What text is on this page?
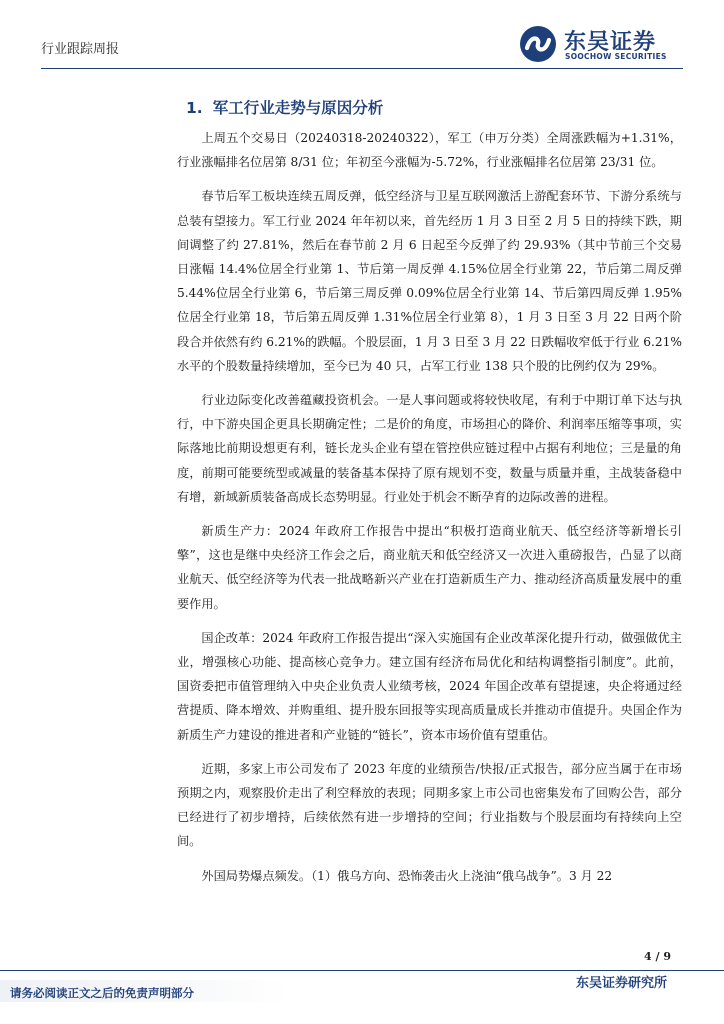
行业跟踪周报	东吴证券
SOOCHOW SECURITIES
1. 军工行业走势与原因分析

上周五个交易日（20240318-20240322），军工（申万分类）全周涨跌幅为+1.31%，行业涨幅排名位居第 8/31 位；年初至今涨幅为-5.72%，行业涨幅排名位居第 23/31 位。

春节后军工板块连续五周反弹，低空经济与卫星互联网激活上游配套环节、下游分系统与总装有望接力。军工行业 2024 年年初以来，首先经历 1 月 3 日至 2 月 5 日的持续下跌，期间调整了约 27.81%，然后在春节前 2 月 6 日起至今反弹了约 29.93%（其中节前三个交易日涨幅 14.4%位居全行业第 1、节后第一周反弹 4.15%位居全行业第 22，节后第二周反弹 5.44%位居全行业第 6，节后第三周反弹 0.09%位居全行业第 14、节后第四周反弹 1.95%位居全行业第 18，节后第五周反弹 1.31%位居全行业第 8），1 月 3 日至 3 月 22 日两个阶段合并依然有约 6.21%的跌幅。个股层面，1 月 3 日至 3 月 22 日跌幅收窄低于行业 6.21%水平的个股数量持续增加，至今已为 40 只，占军工行业 138 只个股的比例约仅为 29%。

行业边际变化改善蕴藏投资机会。一是人事问题或将较快收尾，有利于中期订单下达与执行，中下游央国企更具长期确定性；二是价的角度，市场担心的降价、利润率压缩等事项，实际落地比前期设想更有利，链长龙头企业有望在管控供应链过程中占据有利地位；三是量的角度，前期可能要统型或减量的装备基本保持了原有规划不变，数量与质量并重，主战装备稳中有增，新域新质装备高成长态势明显。行业处于机会不断孕育的边际改善的进程。

新质生产力：2024 年政府工作报告中提出“积极打造商业航天、低空经济等新增长引擎”，这也是继中央经济工作会之后，商业航天和低空经济又一次进入重磅报告，凸显了以商业航天、低空经济等为代表一批战略新兴产业在打造新质生产力、推动经济高质量发展中的重要作用。

国企改革：2024 年政府工作报告提出“深入实施国有企业改革深化提升行动，做强做优主业，增强核心功能、提高核心竞争力。建立国有经济布局优化和结构调整指引制度”。此前，国资委把市值管理纳入中央企业负责人业绩考核，2024 年国企改革有望提速，央企将通过经营提质、降本增效、并购重组、提升股东回报等实现高质量成长并推动市值提升。央国企作为新质生产力建设的推进者和产业链的“链长”，资本市场价值有望重估。

近期，多家上市公司发布了 2023 年度的业绩预告/快报/正式报告，部分应当属于在市场预期之内，观察股价走出了利空释放的表现；同期多家上市公司也密集发布了回购公告，部分已经进行了初步增持，后续依然有进一步增持的空间；行业指数与个股层面均有持续向上空间。

外国局势爆点频发。（1）俄乌方向、恐怖袭击火上浇油“俄乌战争”。3 月 22

4 / 9
请务必阅读正文之后的免责声明部分
东吴证券研究所
